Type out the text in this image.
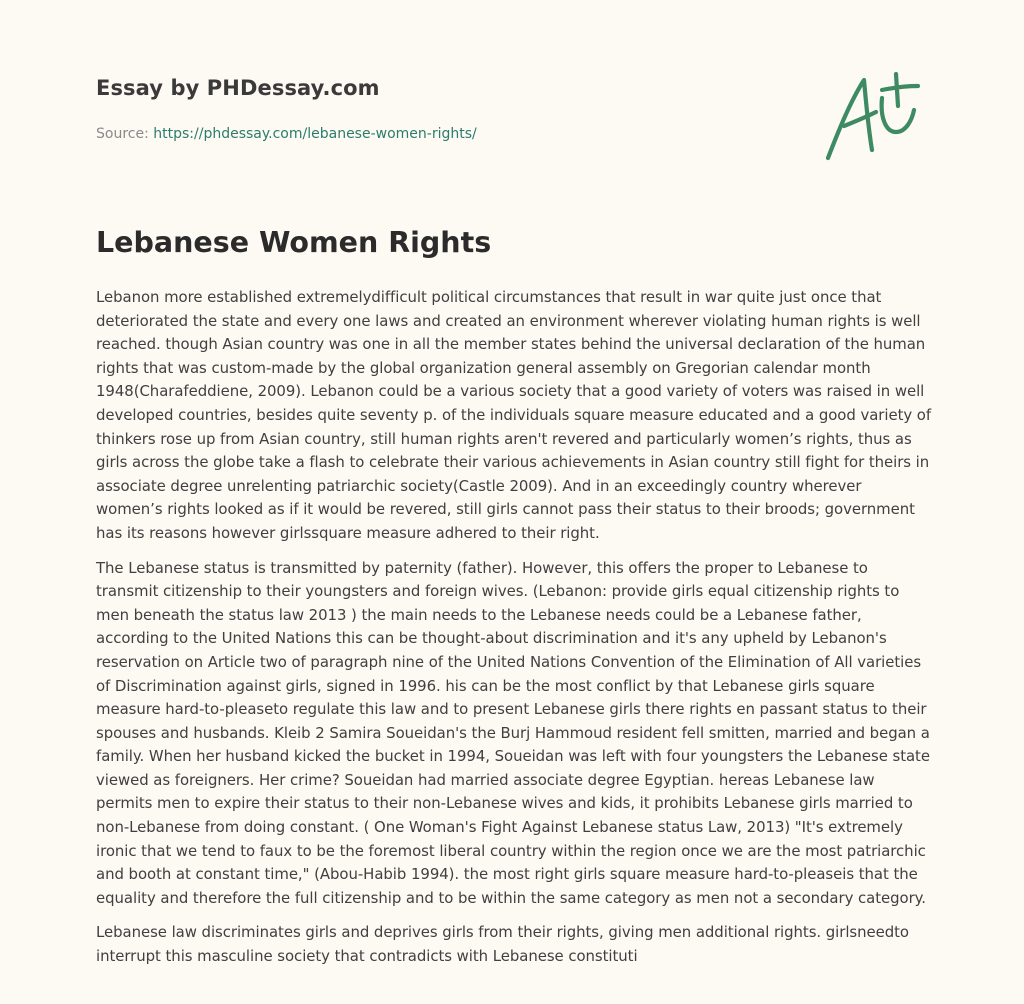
Essay by PHDessay.com
Source: https://phdessay.com/lebanese-women-rights/
Lebanese Women Rights

Lebanon more established extremelydifficult political circumstances that result in war quite just once that deteriorated the state and every one laws and created an environment wherever violating human rights is well reached. though Asian country was one in all the member states behind the universal declaration of the human rights that was custom-made by the global organization general assembly on Gregorian calendar month 1948(Charafeddiene, 2009). Lebanon could be a various society that a good variety of voters was raised in well developed countries, besides quite seventy p. of the individuals square measure educated and a good variety of thinkers rose up from Asian country, still human rights aren't revered and particularly women’s rights, thus as girls across the globe take a flash to celebrate their various achievements in Asian country still fight for theirs in associate degree unrelenting patriarchic society(Castle 2009). And in an exceedingly country wherever women’s rights looked as if it would be revered, still girls cannot pass their status to their broods; government has its reasons however girlssquare measure adhered to their right.

The Lebanese status is transmitted by paternity (father). However, this offers the proper to Lebanese to transmit citizenship to their youngsters and foreign wives. (Lebanon: provide girls equal citizenship rights to men beneath the status law 2013 ) the main needs to the Lebanese needs could be a Lebanese father, according to the United Nations this can be thought-about discrimination and it's any upheld by Lebanon's reservation on Article two of paragraph nine of the United Nations Convention of the Elimination of All varieties of Discrimination against girls, signed in 1996. his can be the most conflict by that Lebanese girls square measure hard-to-pleaseto regulate this law and to present Lebanese girls there rights en passant status to their spouses and husbands. Kleib 2 Samira Soueidan's the Burj Hammoud resident fell smitten, married and began a family. When her husband kicked the bucket in 1994, Soueidan was left with four youngsters the Lebanese state viewed as foreigners. Her crime? Soueidan had married associate degree Egyptian. hereas Lebanese law permits men to expire their status to their non-Lebanese wives and kids, it prohibits Lebanese girls married to non-Lebanese from doing constant. ( One Woman's Fight Against Lebanese status Law, 2013) "It's extremely ironic that we tend to faux to be the foremost liberal country within the region once we are the most patriarchic and booth at constant time," (Abou-Habib 1994). the most right girls square measure hard-to-pleaseis that the equality and therefore the full citizenship and to be within the same category as men not a secondary category.

Lebanese law discriminates girls and deprives girls from their rights, giving men additional rights. girlsneedto interrupt this masculine society that contradicts with Lebanese constituti
